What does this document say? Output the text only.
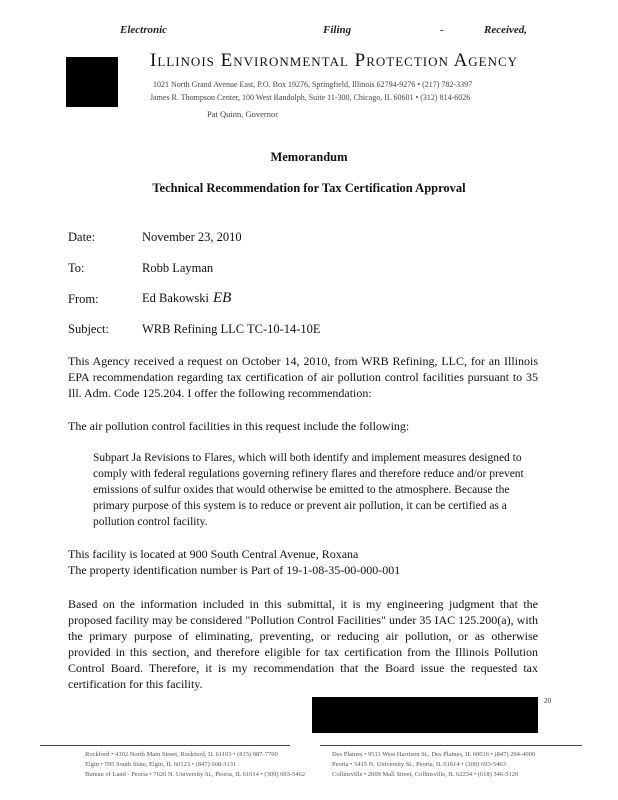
Electronic	Filing	-	Received,
Illinois Environmental Protection Agency
1021 North Grand Avenue East, P.O. Box 19276, Springfield, Illinois 62794-9276 • (217) 782-3397
James R. Thompson Center, 100 West Randolph, Suite 11-300, Chicago, IL 60601 • (312) 814-6026
Pat Quinn, Governor
Memorandum
Technical Recommendation for Tax Certification Approval
Date:	November 23, 2010
To:	Robb Layman
From:	Ed Bakowski EB
Subject:	WRB Refining LLC TC-10-14-10E
This Agency received a request on October 14, 2010, from WRB Refining, LLC, for an Illinois EPA recommendation regarding tax certification of air pollution control facilities pursuant to 35 Ill. Adm. Code 125.204. I offer the following recommendation:
The air pollution control facilities in this request include the following:
Subpart Ja Revisions to Flares, which will both identify and implement measures designed to comply with federal regulations governing refinery flares and therefore reduce and/or prevent emissions of sulfur oxides that would otherwise be emitted to the atmosphere. Because the primary purpose of this system is to reduce or prevent air pollution, it can be certified as a pollution control facility.
This facility is located at 900 South Central Avenue, Roxana
The property identification number is Part of 19-1-08-35-00-000-001
Based on the information included in this submittal, it is my engineering judgment that the proposed facility may be considered "Pollution Control Facilities" under 35 IAC 125.200(a), with the primary purpose of eliminating, preventing, or reducing air pollution, or as otherwise provided in this section, and therefore eligible for tax certification from the Illinois Pollution Control Board. Therefore, it is my recommendation that the Board issue the requested tax certification for this facility.
20
Rockford • 4302 North Main Street, Rockford, IL 61103 • (815) 987-7760
Elgin • 595 South State, Elgin, IL 60123 • (847) 608-3131
Bureau of Land - Peoria • 7620 N. University St., Peoria, IL 61614 • (309) 693-5462
Des Plaines • 9511 West Harrison St., Des Plaines, IL 60016 • (847) 294-4000
Peoria • 5415 N. University St., Peoria, IL 61614 • (309) 693-5463
Collinsville • 2009 Mall Street, Collinsville, IL 62234 • (618) 346-5120
